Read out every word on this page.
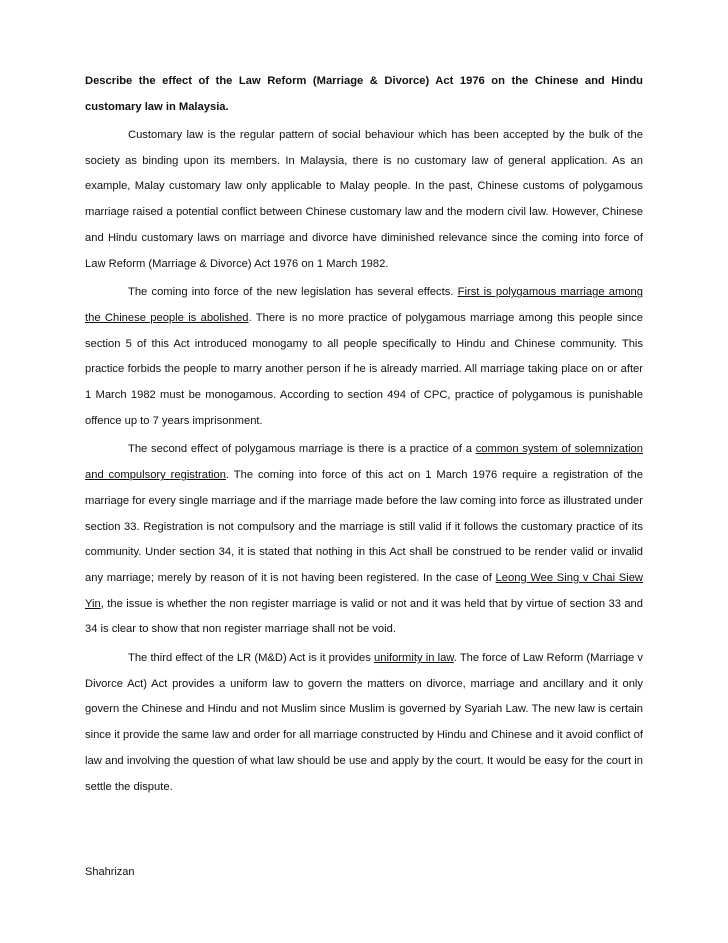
Describe the effect of the Law Reform (Marriage & Divorce) Act 1976 on the Chinese and Hindu customary law in Malaysia.

Customary law is the regular pattern of social behaviour which has been accepted by the bulk of the society as binding upon its members. In Malaysia, there is no customary law of general application. As an example, Malay customary law only applicable to Malay people. In the past, Chinese customs of polygamous marriage raised a potential conflict between Chinese customary law and the modern civil law. However, Chinese and Hindu customary laws on marriage and divorce have diminished relevance since the coming into force of Law Reform (Marriage & Divorce) Act 1976 on 1 March 1982.

The coming into force of the new legislation has several effects. First is polygamous marriage among the Chinese people is abolished. There is no more practice of polygamous marriage among this people since section 5 of this Act introduced monogamy to all people specifically to Hindu and Chinese community. This practice forbids the people to marry another person if he is already married. All marriage taking place on or after 1 March 1982 must be monogamous. According to section 494 of CPC, practice of polygamous is punishable offence up to 7 years imprisonment.

The second effect of polygamous marriage is there is a practice of a common system of solemnization and compulsory registration. The coming into force of this act on 1 March 1976 require a registration of the marriage for every single marriage and if the marriage made before the law coming into force as illustrated under section 33. Registration is not compulsory and the marriage is still valid if it follows the customary practice of its community. Under section 34, it is stated that nothing in this Act shall be construed to be render valid or invalid any marriage; merely by reason of it is not having been registered. In the case of Leong Wee Sing v Chai Siew Yin, the issue is whether the non register marriage is valid or not and it was held that by virtue of section 33 and 34 is clear to show that non register marriage shall not be void.

The third effect of the LR (M&D) Act is it provides uniformity in law. The force of Law Reform (Marriage v Divorce Act) Act provides a uniform law to govern the matters on divorce, marriage and ancillary and it only govern the Chinese and Hindu and not Muslim since Muslim is governed by Syariah Law. The new law is certain since it provide the same law and order for all marriage constructed by Hindu and Chinese and it avoid conflict of law and involving the question of what law should be use and apply by the court. It would be easy for the court in settle the dispute.

Shahrizan
